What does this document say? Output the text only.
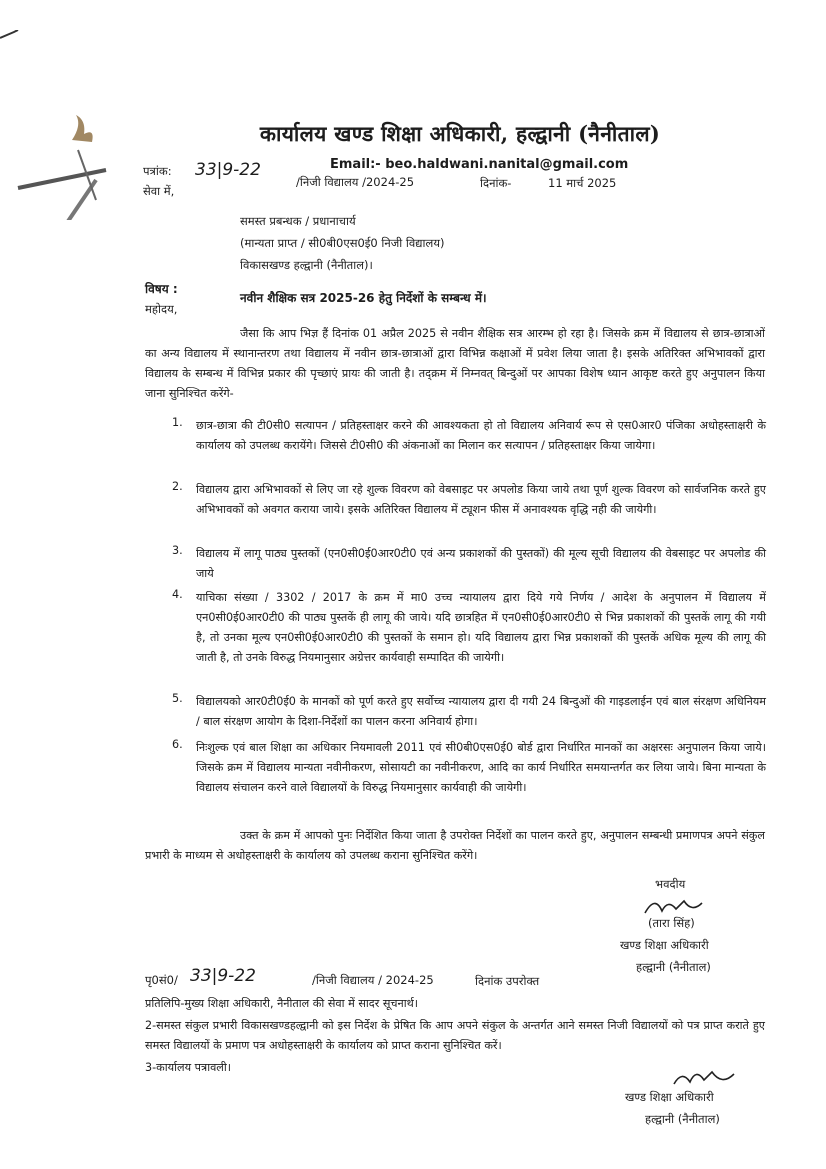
कार्यालय खण्ड शिक्षा अधिकारी, हल्द्वानी (नैनीताल)
Email:- beo.haldwani.nanital@gmail.com
पत्रांक: 33|9-22
/निजी विद्यालय /2024-25	दिनांक-	11 मार्च 2025
सेवा में,
समस्त प्रबन्धक / प्रधानाचार्य
(मान्यता प्राप्त / सी0बी0एस0ई0 निजी विद्यालय)
विकासखण्ड हल्द्वानी (नैनीताल)।
विषय :
नवीन शैक्षिक सत्र 2025-26 हेतु निर्देशों के सम्बन्ध में।
महोदय,
जैसा कि आप भिज्ञ हैं दिनांक 01 अप्रैल 2025 से नवीन शैक्षिक सत्र आरम्भ हो रहा है। जिसके क्रम में विद्यालय से छात्र-छात्राओं का अन्य विद्यालय में स्थानान्तरण तथा विद्यालय में नवीन छात्र-छात्राओं द्वारा विभिन्न कक्षाओं में प्रवेश लिया जाता है। इसके अतिरिक्त अभिभावकों द्वारा विद्यालय के सम्बन्ध में विभिन्न प्रकार की पृच्छाएं प्रायः की जाती है। तद्क्रम में निम्नवत् बिन्दुओं पर आपका विशेष ध्यान आकृष्ट करते हुए अनुपालन किया जाना सुनिश्चित करेंगे-
1. छात्र-छात्रा की टी0सी0 सत्यापन / प्रतिहस्ताक्षर करने की आवश्यकता हो तो विद्यालय अनिवार्य रूप से एस0आर0 पंजिका अधोहस्ताक्षरी के कार्यालय को उपलब्ध करायेंगे। जिससे टी0सी0 की अंकनाओं का मिलान कर सत्यापन / प्रतिहस्ताक्षर किया जायेगा।
2. विद्यालय द्वारा अभिभावकों से लिए जा रहे शुल्क विवरण को वेबसाइट पर अपलोड किया जाये तथा पूर्ण शुल्क विवरण को सार्वजनिक करते हुए अभिभावकों को अवगत कराया जाये। इसके अतिरिक्त विद्यालय में ट्यूशन फीस में अनावश्यक वृद्धि नही की जायेगी।
3. विद्यालय में लागू पाठ्य पुस्तकों (एन0सी0ई0आर0टी0 एवं अन्य प्रकाशकों की पुस्तकों) की मूल्य सूची विद्यालय की वेबसाइट पर अपलोड की जाये
4. याचिका संख्या / 3302 / 2017 के क्रम में मा0 उच्च न्यायालय द्वारा दिये गये निर्णय / आदेश के अनुपालन में विद्यालय में एन0सी0ई0आर0टी0 की पाठ्य पुस्तकें ही लागू की जाये। यदि छात्रहित में एन0सी0ई0आर0टी0 से भिन्न प्रकाशकों की पुस्तकें लागू की गयी है, तो उनका मूल्य एन0सी0ई0आर0टी0 की पुस्तकों के समान हो। यदि विद्यालय द्वारा भिन्न प्रकाशकों की पुस्तकें अधिक मूल्य की लागू की जाती है, तो उनके विरुद्ध नियमानुसार अग्रेत्तर कार्यवाही सम्पादित की जायेगी।
5. विद्यालयको आर0टी0ई0 के मानकों को पूर्ण करते हुए सर्वोच्च न्यायालय द्वारा दी गयी 24 बिन्दुओं की गाइडलाईन एवं बाल संरक्षण अधिनियम / बाल संरक्षण आयोग के दिशा-निर्देशों का पालन करना अनिवार्य होगा।
6. निःशुल्क एवं बाल शिक्षा का अधिकार नियमावली 2011 एवं सी0बी0एस0ई0 बोर्ड द्वारा निर्धारित मानकों का अक्षरसः अनुपालन किया जाये। जिसके क्रम में विद्यालय मान्यता नवीनीकरण, सोसायटी का नवीनीकरण, आदि का कार्य निर्धारित समयान्तर्गत कर लिया जाये। बिना मान्यता के विद्यालय संचालन करने वाले विद्यालयों के विरुद्ध नियमानुसार कार्यवाही की जायेगी।
उक्त के क्रम में आपको पुनः निर्देशित किया जाता है उपरोक्त निर्देशों का पालन करते हुए, अनुपालन सम्बन्धी प्रमाणपत्र अपने संकुल प्रभारी के माध्यम से अधोहस्ताक्षरी के कार्यालय को उपलब्ध कराना सुनिश्चित करेंगे।
भवदीय
(तारा सिंह)
खण्ड शिक्षा अधिकारी
हल्द्वानी (नैनीताल)
पृ0सं0/ 33|9-22	/निजी विद्यालय / 2024-25	दिनांक उपरोक्त
प्रतिलिपि-मुख्य शिक्षा अधिकारी, नैनीताल की सेवा में सादर सूचनार्थ।
2-समस्त संकुल प्रभारी विकासखण्डहल्द्वानी को इस निर्देश के प्रेषित कि आप अपने संकुल के अन्तर्गत आने समस्त निजी विद्यालयों को पत्र प्राप्त कराते हुए समस्त विद्यालयों के प्रमाण पत्र अधोहस्ताक्षरी के कार्यालय को प्राप्त कराना सुनिश्चित करें।
3-कार्यालय पत्रावली।
खण्ड शिक्षा अधिकारी
हल्द्वानी (नैनीताल)
